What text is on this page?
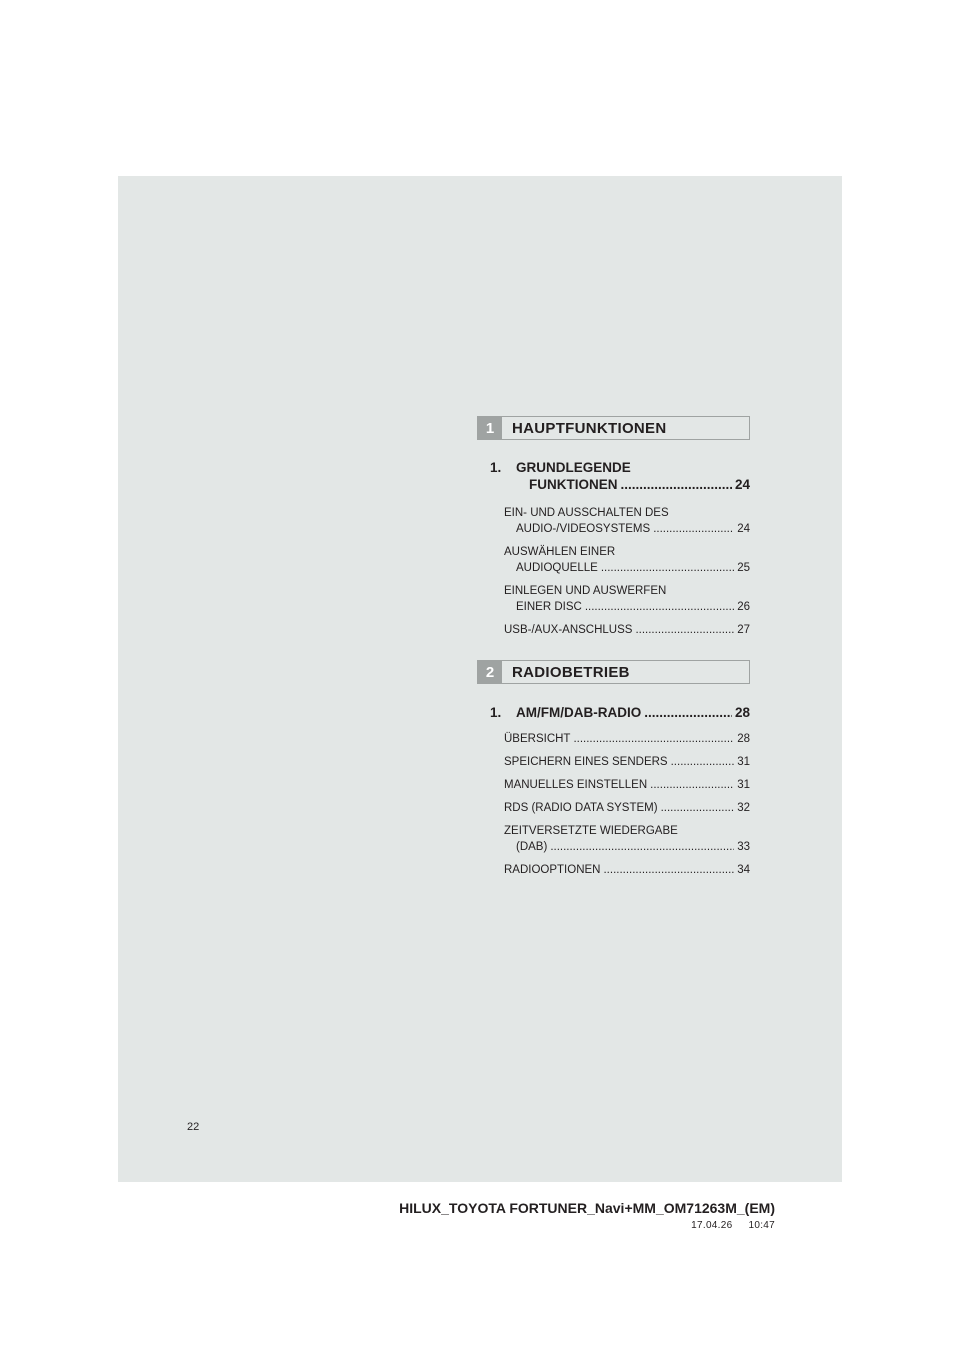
1	HAUPTFUNKTIONEN
1.	GRUNDLEGENDE
FUNKTIONEN .....	24
EIN- UND AUSSCHALTEN DES
AUDIO-/VIDEOSYSTEMS .....	24
AUSWÄHLEN EINER
AUDIOQUELLE .....	25
EINLEGEN UND AUSWERFEN
EINER DISC .....	26
USB-/AUX-ANSCHLUSS .....	27
2	RADIOBETRIEB
1. AM/FM/DAB-RADIO .....	28
ÜBERSICHT .....	28
SPEICHERN EINES SENDERS .....	31
MANUELLES EINSTELLEN .....	31
RDS (RADIO DATA SYSTEM) .....	32
ZEITVERSETZTE WIEDERGABE
(DAB) .....	33
RADIOOPTIONEN .....	34
22
HILUX_TOYOTA FORTUNER_Navi+MM_OM71263M_(EM)
17.04.26 10:47
